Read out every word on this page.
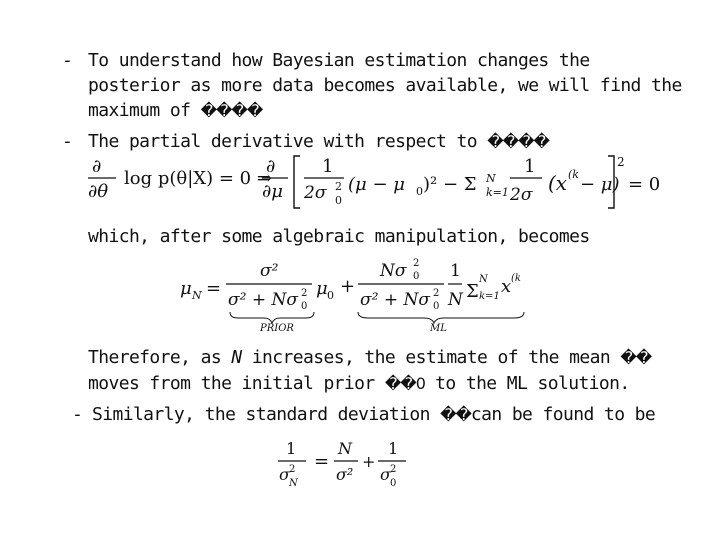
- To understand how Bayesian estimation changes the
posterior as more data becomes available, we will find the
maximum of ����
- The partial derivative with respect to ����
∂
∂θ
log p(θ|X) = 0 ⇒
∂
∂μ
1
2σ 2
0
(μ − μ 0 )² − Σ N
k=1
1
2σ (x (k − μ)
2
= 0
which, after some algebraic manipulation, becomes
μ N =
σ²
σ² + Nσ 2
0
μ 0 +
Nσ 2
0
σ² + Nσ 2
0
1
N Σ
N
k=1 x (k
PRIOR	ML
Therefore, as N increases, the estimate of the mean ��
moves from the initial prior ��0 to the ML solution.
- Similarly, the standard deviation ��can be found to be
1
σ 2
N
=
N
σ²
+
1
σ 2
0
